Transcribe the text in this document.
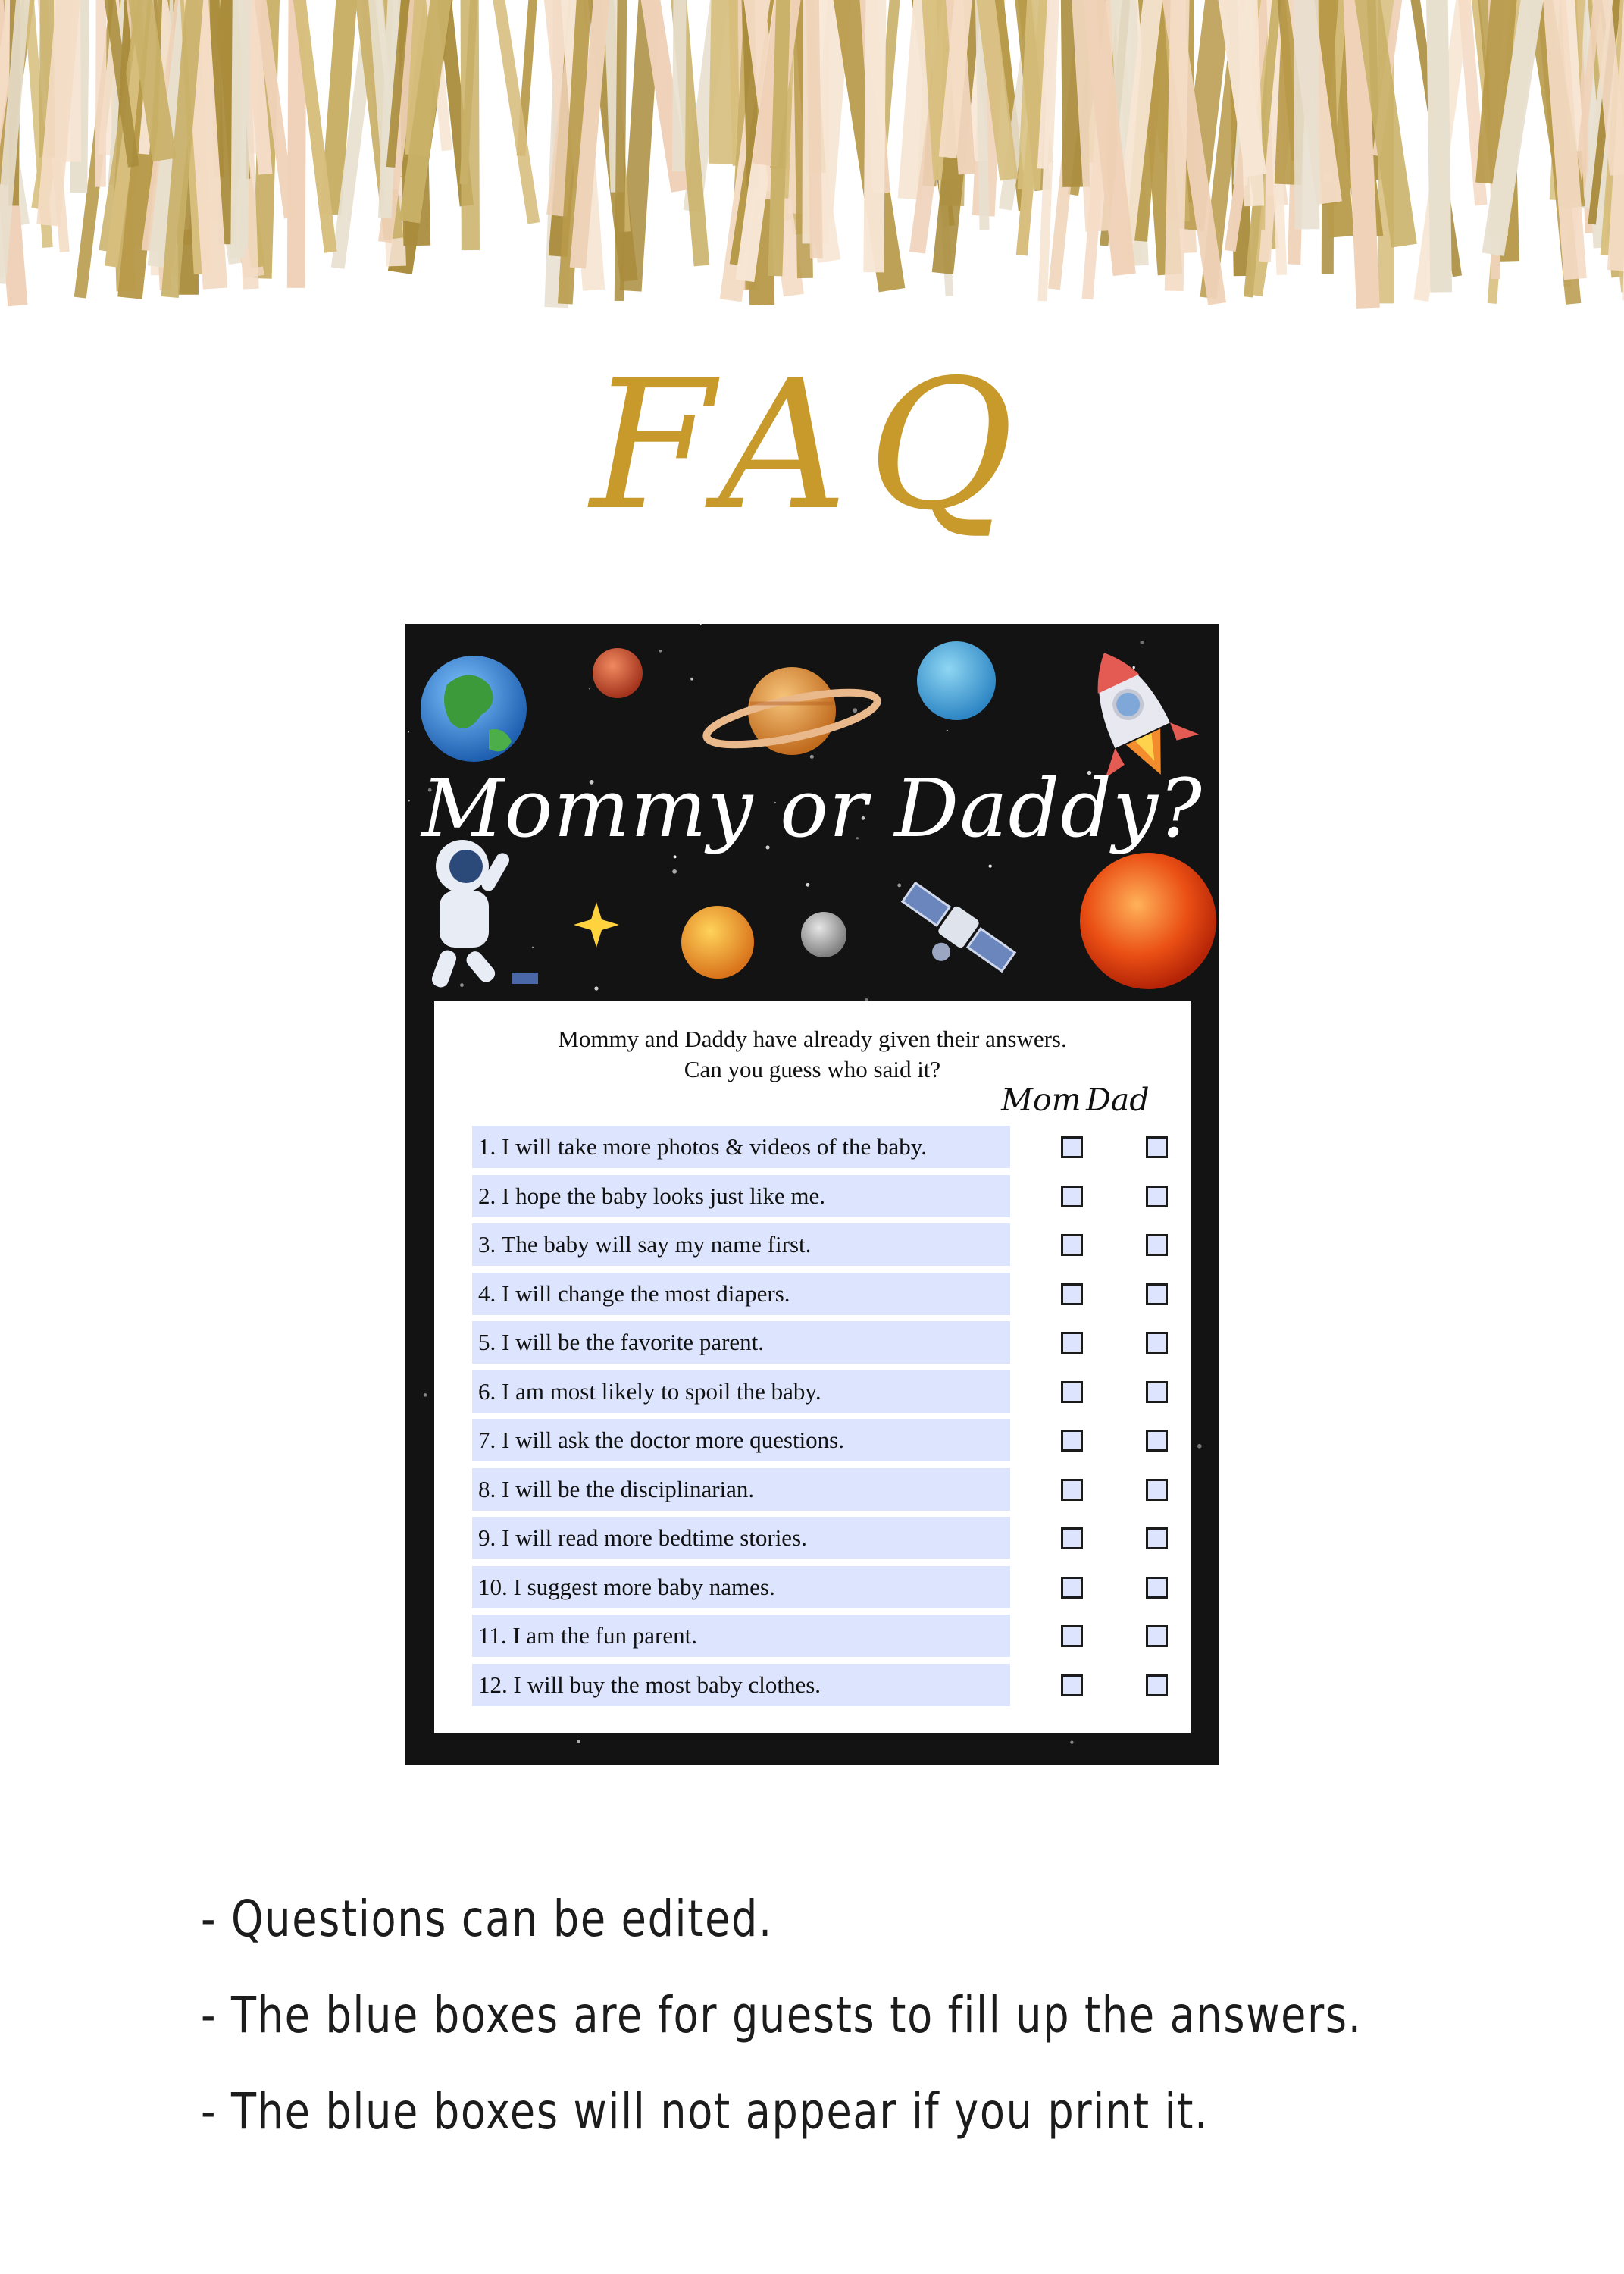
FAQ
Mommy or Daddy?
Mommy and Daddy have already given their answers.
Can you guess who said it?
Mom Dad
1. I will take more photos & videos of the baby.
2. I hope the baby looks just like me.
3. The baby will say my name first.
4. I will change the most diapers.
5. I will be the favorite parent.
6. I am most likely to spoil the baby.
7. I will ask the doctor more questions.
8. I will be the disciplinarian.
9. I will read more bedtime stories.
10. I suggest more baby names.
11. I am the fun parent.
12. I will buy the most baby clothes.
- Questions can be edited.
- The blue boxes are for guests to fill up the answers.
- The blue boxes will not appear if you print it.
